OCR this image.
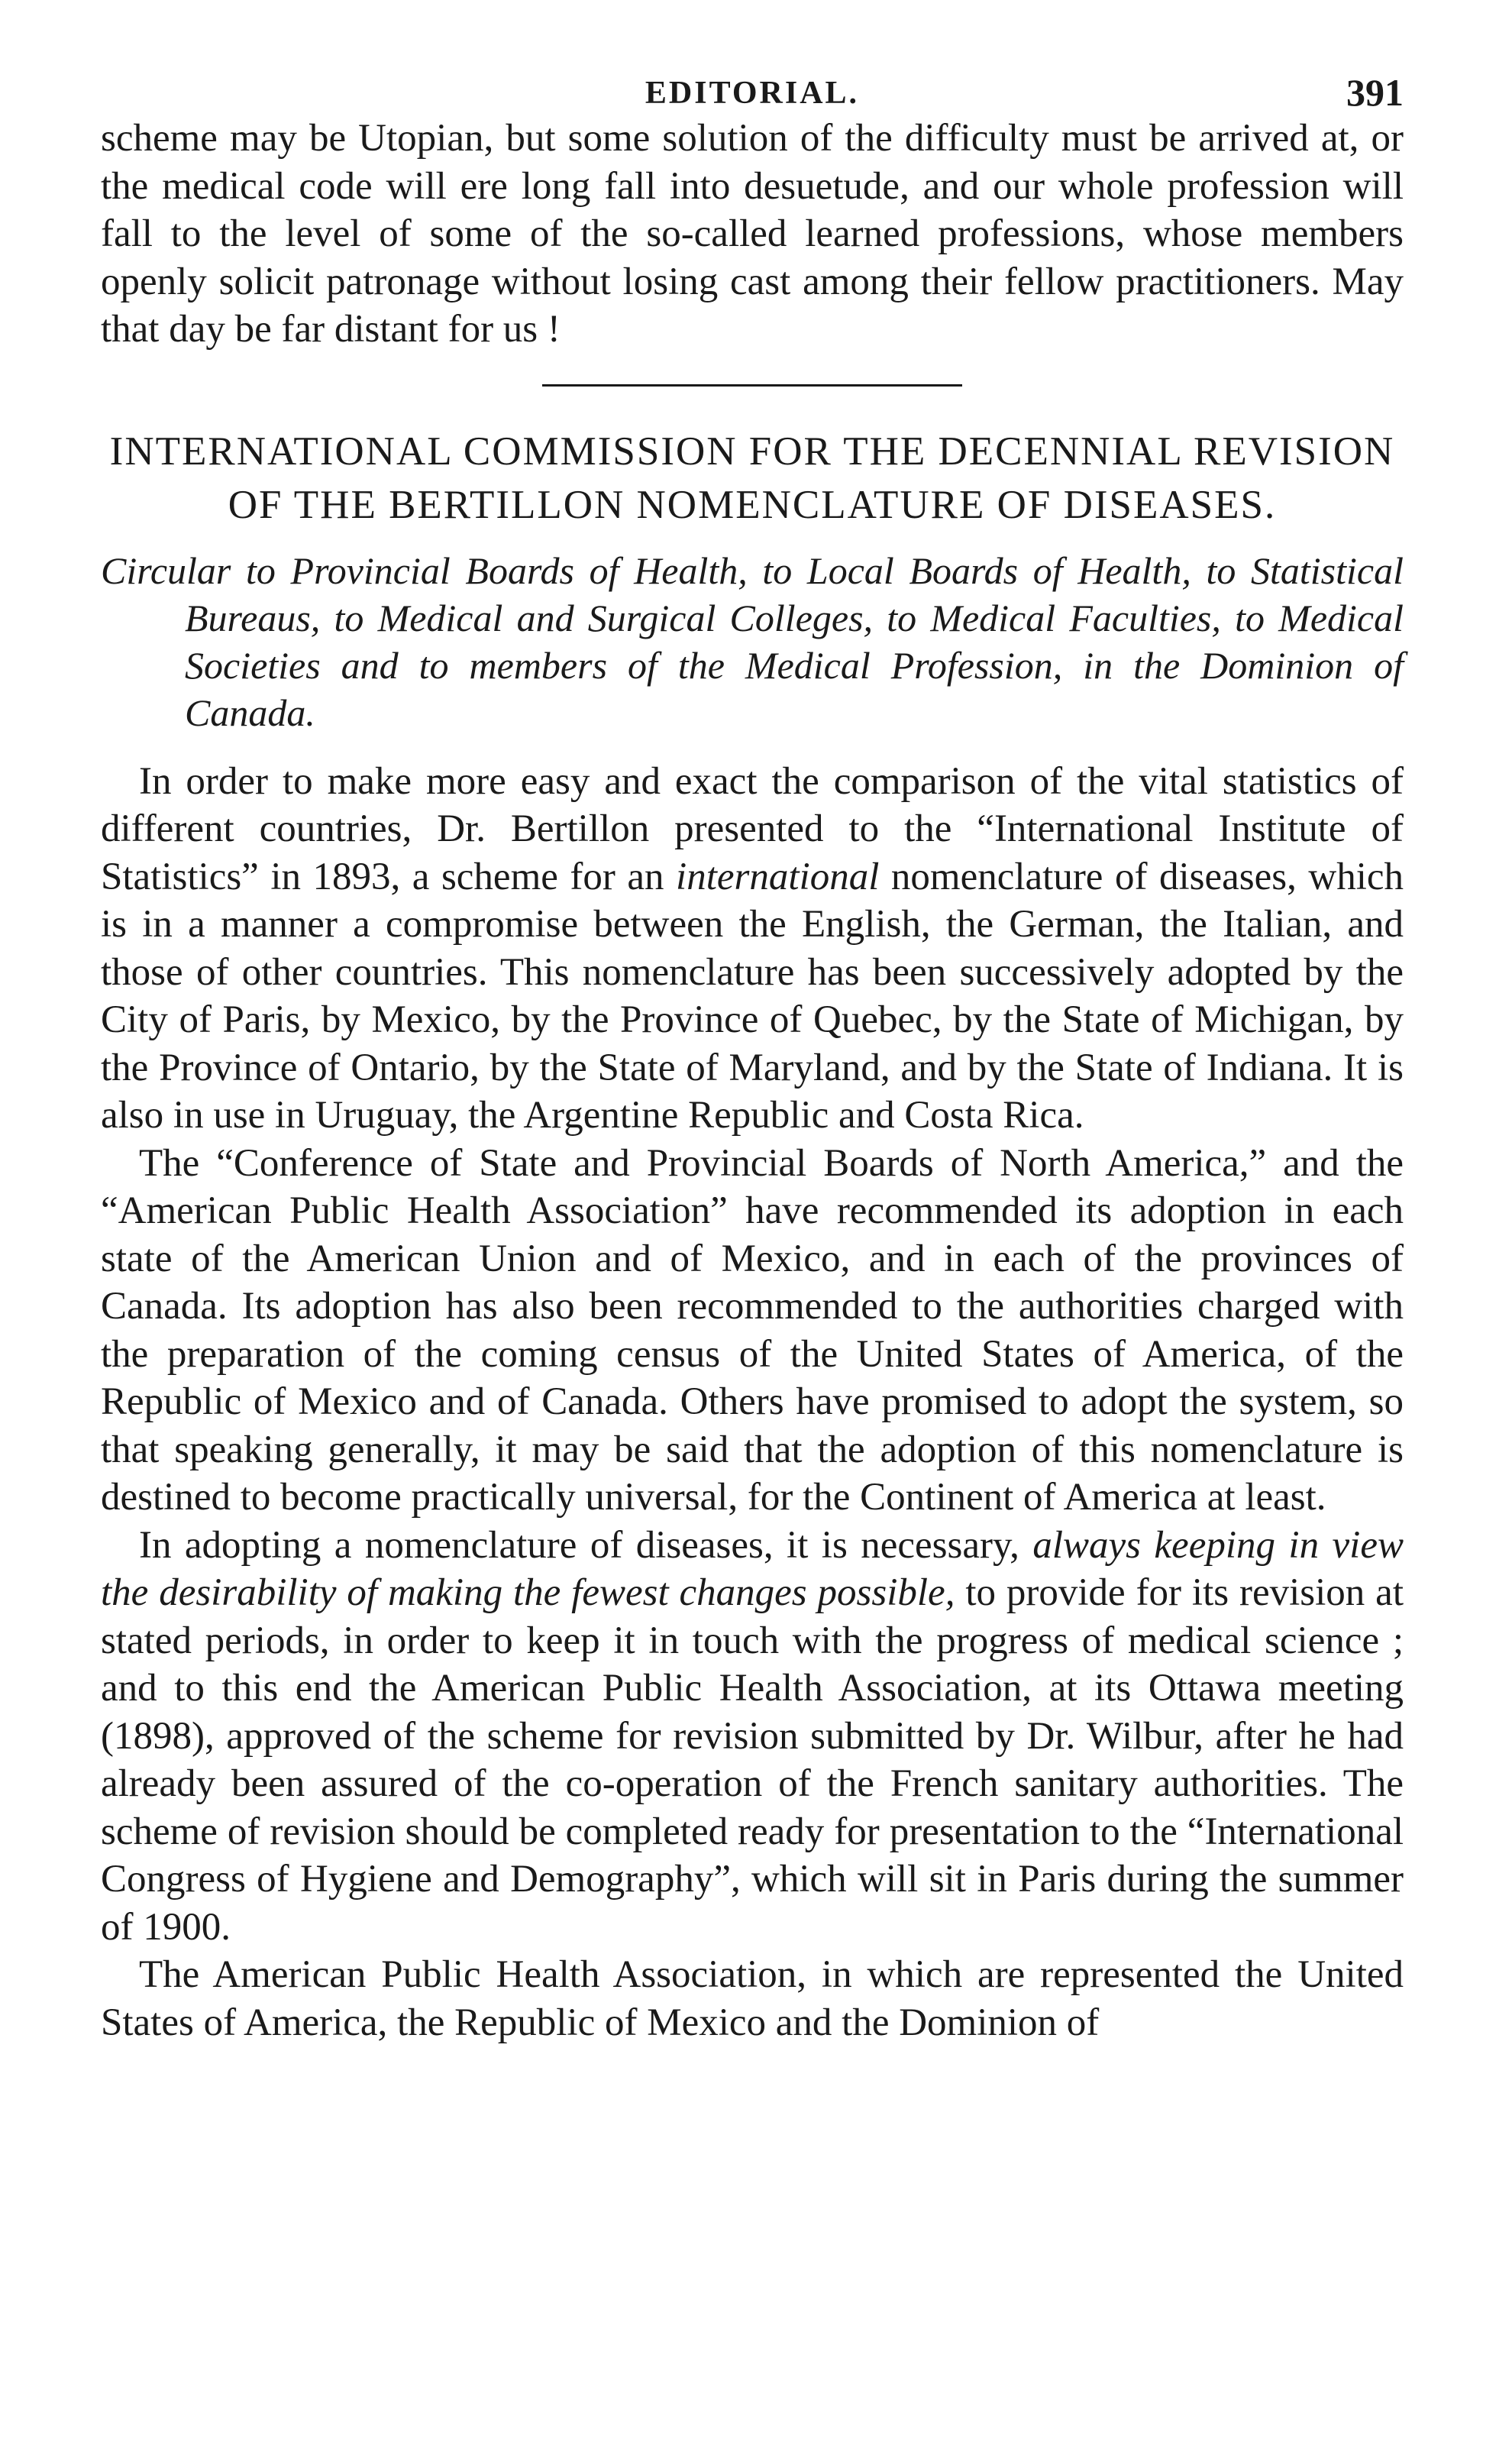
EDITORIAL.	391

scheme may be Utopian, but some solution of the difficulty must be arrived at, or the medical code will ere long fall into desuetude, and our whole profession will fall to the level of some of the so-called learned professions, whose members openly solicit patronage without losing cast among their fellow practitioners. May that day be far distant for us !

INTERNATIONAL COMMISSION FOR THE DECENNIAL REVISION OF THE BERTILLON NOMENCLATURE OF DISEASES.

Circular to Provincial Boards of Health, to Local Boards of Health, to Statistical Bureaus, to Medical and Surgical Colleges, to Medical Faculties, to Medical Societies and to members of the Medical Profession, in the Dominion of Canada.

In order to make more easy and exact the comparison of the vital statistics of different countries, Dr. Bertillon presented to the “International Institute of Statistics” in 1893, a scheme for an international nomenclature of diseases, which is in a manner a compromise between the English, the German, the Italian, and those of other countries. This nomenclature has been successively adopted by the City of Paris, by Mexico, by the Province of Quebec, by the State of Michigan, by the Province of Ontario, by the State of Maryland, and by the State of Indiana. It is also in use in Uruguay, the Argentine Republic and Costa Rica.

The “Conference of State and Provincial Boards of North America,” and the “American Public Health Association” have recommended its adoption in each state of the American Union and of Mexico, and in each of the provinces of Canada. Its adoption has also been recommended to the authorities charged with the preparation of the coming census of the United States of America, of the Republic of Mexico and of Canada. Others have promised to adopt the system, so that speaking generally, it may be said that the adoption of this nomenclature is destined to become practically universal, for the Continent of America at least.

In adopting a nomenclature of diseases, it is necessary, always keeping in view the desirability of making the fewest changes possible, to provide for its revision at stated periods, in order to keep it in touch with the progress of medical science ; and to this end the American Public Health Association, at its Ottawa meeting (1898), approved of the scheme for revision submitted by Dr. Wilbur, after he had already been assured of the co-operation of the French sanitary authorities. The scheme of revision should be completed ready for presentation to the “International Congress of Hygiene and Demography”, which will sit in Paris during the summer of 1900.

The American Public Health Association, in which are represented the United States of America, the Republic of Mexico and the Dominion of
